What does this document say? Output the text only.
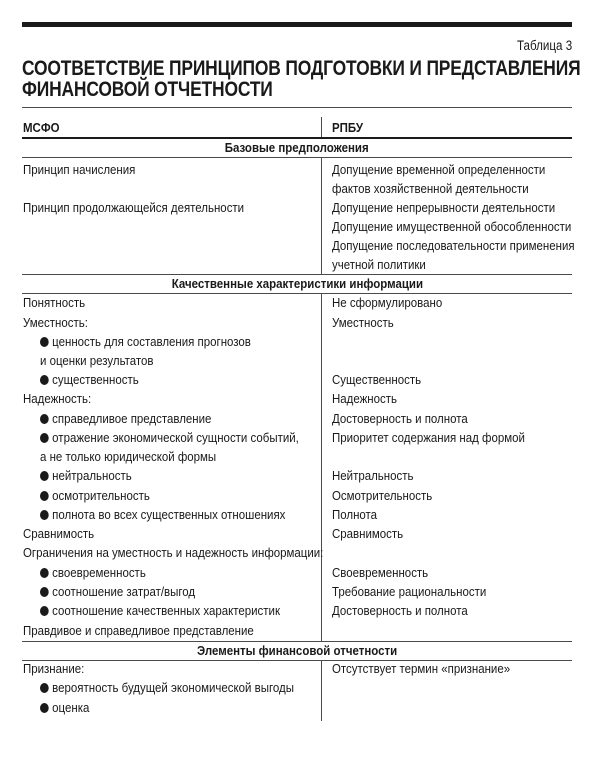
Таблица 3
СООТВЕТСТВИЕ ПРИНЦИПОВ ПОДГОТОВКИ И ПРЕДСТАВЛЕНИЯ
ФИНАНСОВОЙ ОТЧЕТНОСТИ
МСФО	РПБУ
Базовые предположения
Качественные характеристики информации
Элементы финансовой отчетности
Принцип начисления
Принцип продолжающейся деятельности
Понятность
Уместность:
ценность для составления прогнозов
и оценки результатов
существенность
Надежность:
справедливое представление
отражение экономической сущности событий,
а не только юридической формы
нейтральность
осмотрительность
полнота во всех существенных отношениях
Сравнимость
Ограничения на уместность и надежность информации:
своевременность
соотношение затрат/выгод
соотношение качественных характеристик
Правдивое и справедливое представление
Признание:
вероятность будущей экономической выгоды
оценка
Допущение временной определенности
фактов хозяйственной деятельности
Допущение непрерывности деятельности
Допущение имущественной обособленности
Допущение последовательности применения
учетной политики
Не сформулировано
Уместность
Существенность
Надежность
Достоверность и полнота
Приоритет содержания над формой
Нейтральность
Осмотрительность
Полнота
Сравнимость
Своевременность
Требование рациональности
Достоверность и полнота
Отсутствует термин «признание»
